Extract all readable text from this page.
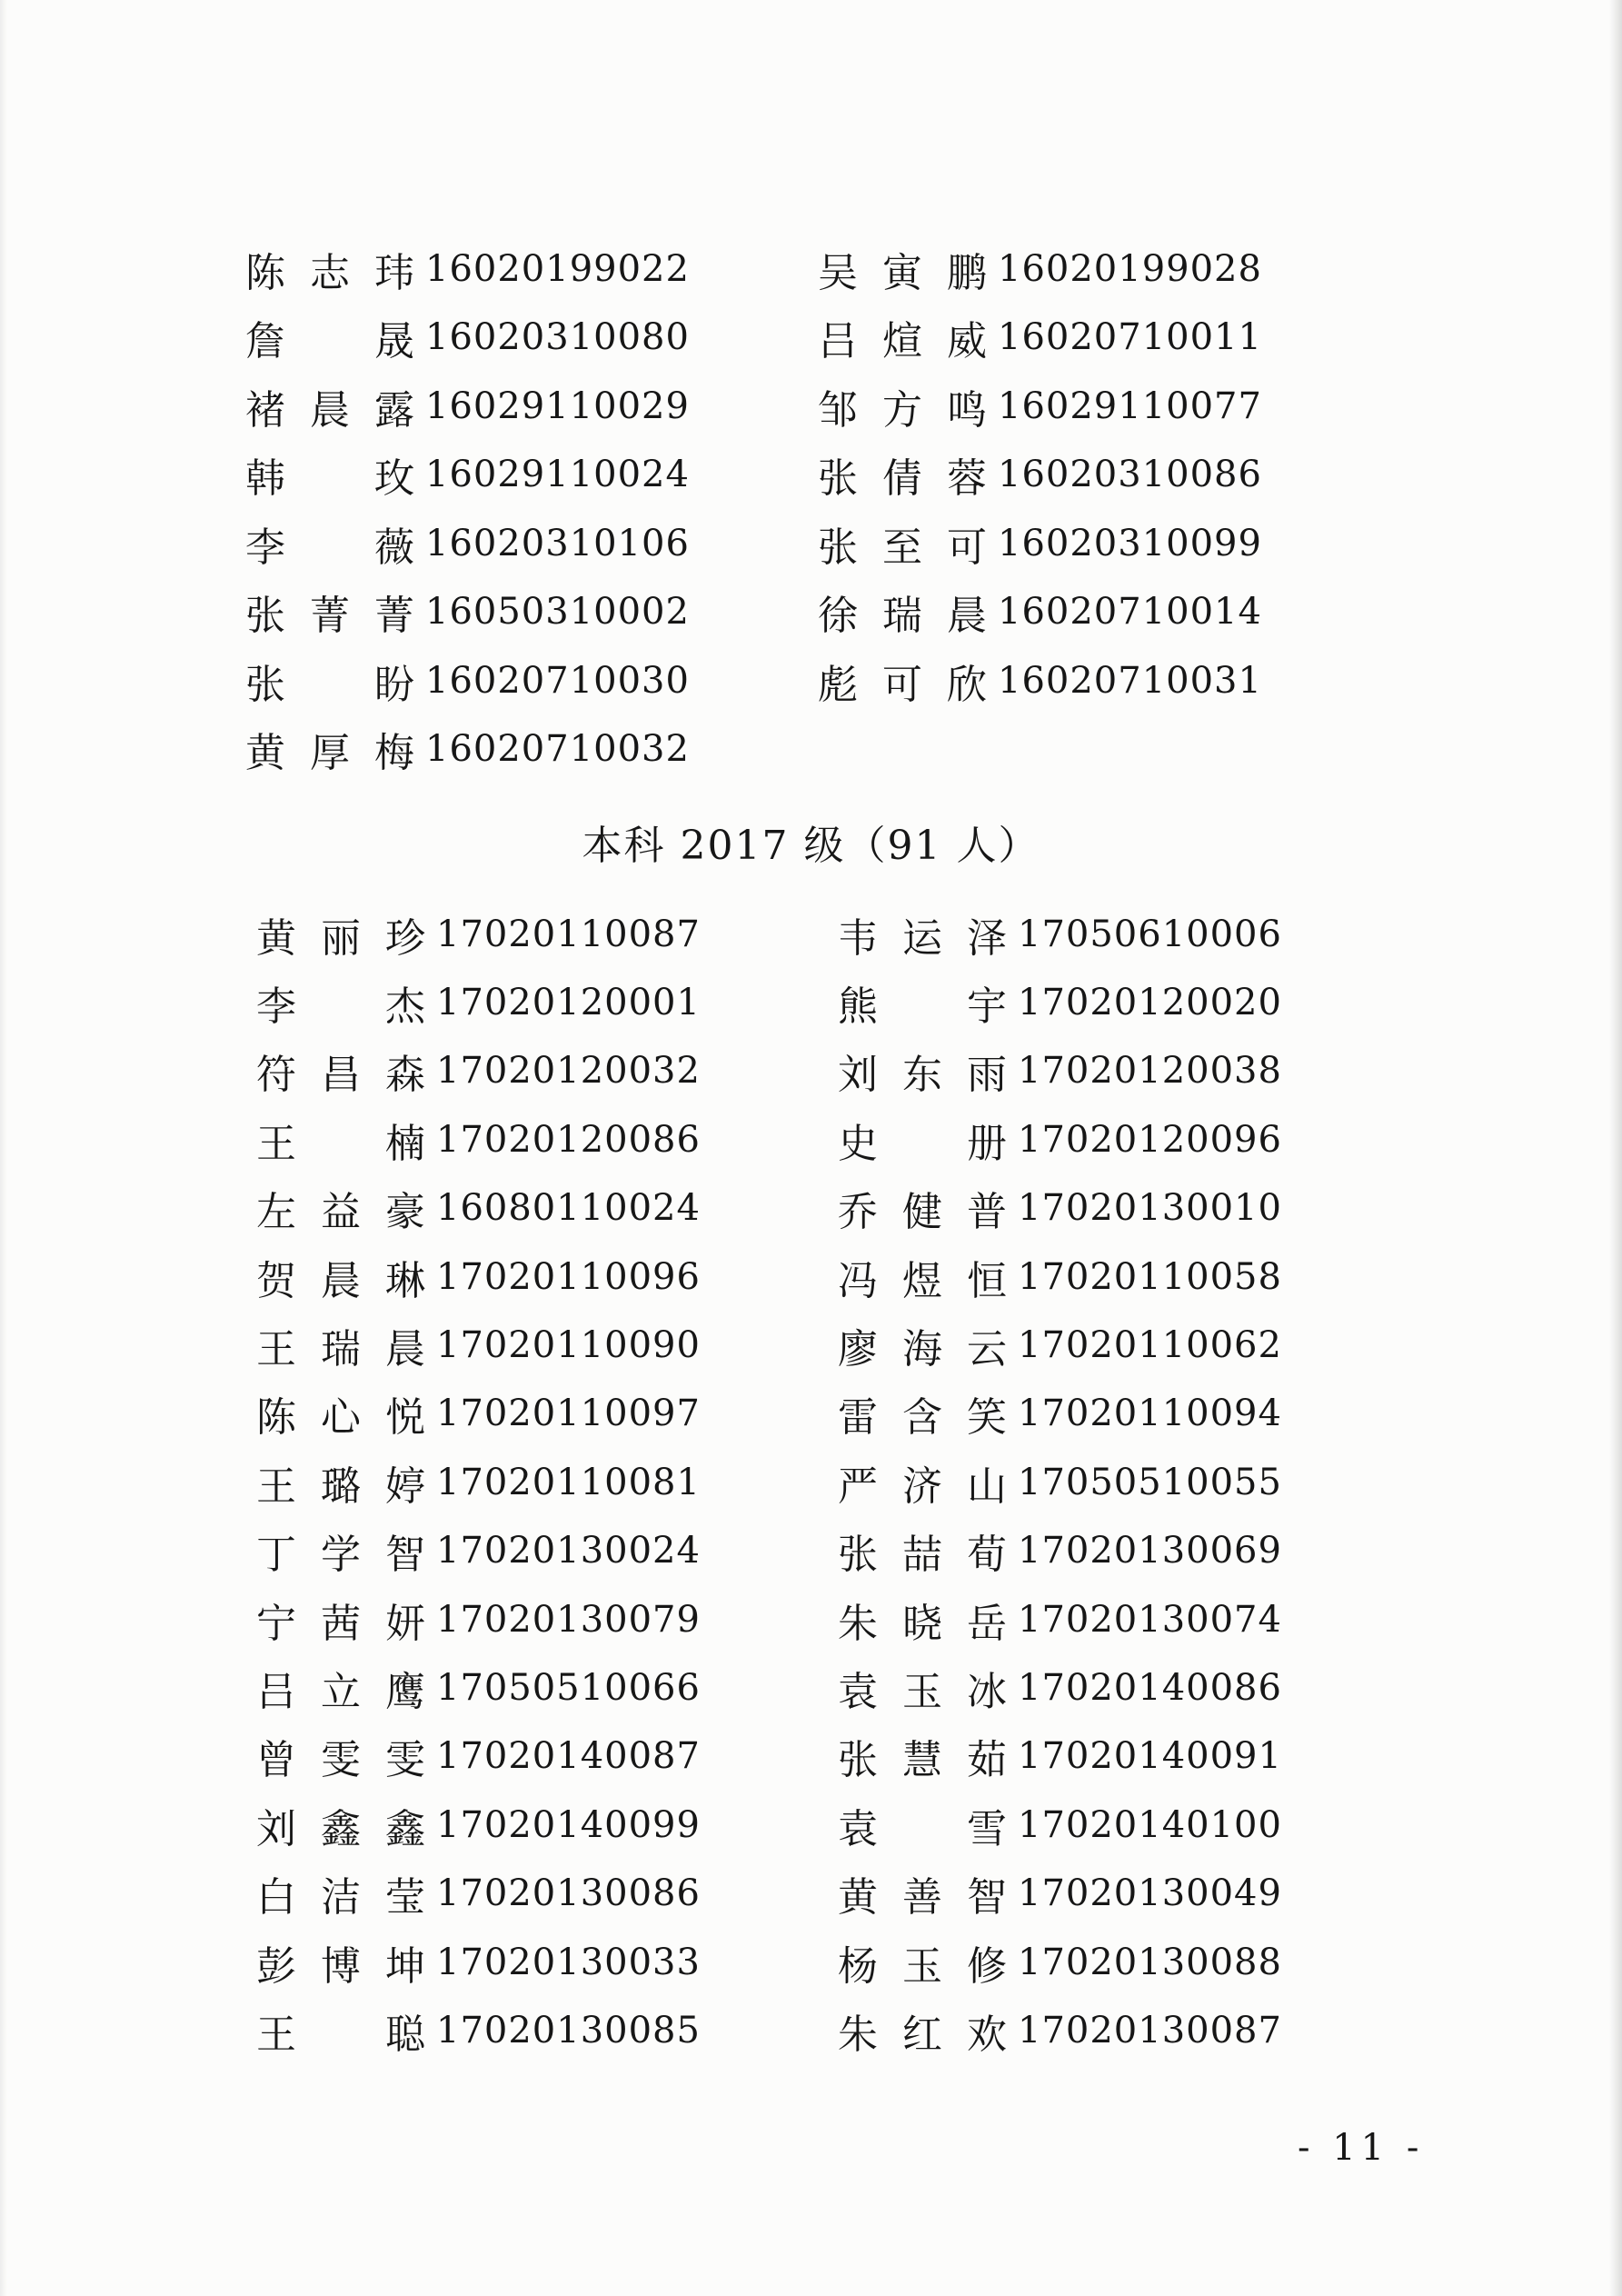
陈 志 玮 16020199022
詹 晟 16020310080
褚 晨 露 16029110029
韩 玫 16029110024
李 薇 16020310106
张 菁 菁 16050310002
张 盼 16020710030
黄 厚 梅 16020710032
吴 寅 鹏 16020199028
吕 煊 威 16020710011
邹 方 鸣 16029110077
张 倩 蓉 16020310086
张 至 可 16020310099
徐 瑞 晨 16020710014
彪 可 欣 16020710031
本科 2017 级（91 人）
黄 丽 珍 17020110087
李 杰 17020120001
符 昌 森 17020120032
王 楠 17020120086
左 益 豪 16080110024
贺 晨 琳 17020110096
王 瑞 晨 17020110090
陈 心 悦 17020110097
王 璐 婷 17020110081
丁 学 智 17020130024
宁 茜 妍 17020130079
吕 立 鹰 17050510066
曾 雯 雯 17020140087
刘 鑫 鑫 17020140099
白 洁 莹 17020130086
彭 博 坤 17020130033
王 聪 17020130085
韦 运 泽 17050610006
熊 宇 17020120020
刘 东 雨 17020120038
史 册 17020120096
乔 健 普 17020130010
冯 煜 恒 17020110058
廖 海 云 17020110062
雷 含 笑 17020110094
严 济 山 17050510055
张 喆 荀 17020130069
朱 晓 岳 17020130074
袁 玉 冰 17020140086
张 慧 茹 17020140091
袁 雪 17020140100
黄 善 智 17020130049
杨 玉 修 17020130088
朱 红 欢 17020130087
- 11 -
